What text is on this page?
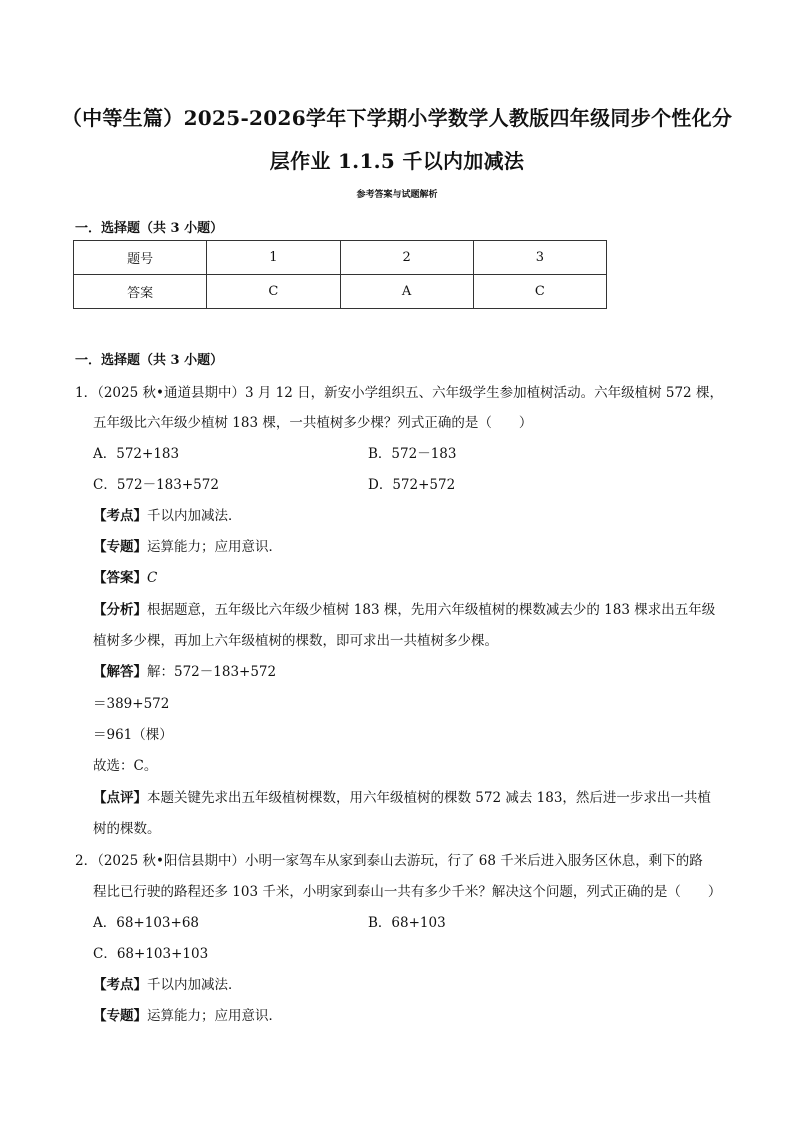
（中等生篇）2025-2026学年下学期小学数学人教版四年级同步个性化分
层作业 1.1.5 千以内加减法
参考答案与试题解析
一．选择题（共 3 小题）
题号	1	2	3
答案	C	A	C
一．选择题（共 3 小题）
1．（2025 秋•通道县期中）3 月 12 日，新安小学组织五、六年级学生参加植树活动。六年级植树 572 棵，
五年级比六年级少植树 183 棵，一共植树多少棵？列式正确的是（　　）
A．572+183	B．572－183
C．572－183+572	D．572+572
【考点】千以内加减法．
【专题】运算能力；应用意识．
【答案】C
【分析】根据题意，五年级比六年级少植树 183 棵，先用六年级植树的棵数减去少的 183 棵求出五年级
植树多少棵，再加上六年级植树的棵数，即可求出一共植树多少棵。
【解答】解：572－183+572
＝389+572
＝961（棵）
故选：C。
【点评】本题关键先求出五年级植树棵数，用六年级植树的棵数 572 减去 183，然后进一步求出一共植
树的棵数。
2．（2025 秋•阳信县期中）小明一家驾车从家到泰山去游玩，行了 68 千米后进入服务区休息，剩下的路
程比已行驶的路程还多 103 千米，小明家到泰山一共有多少千米？解决这个问题，列式正确的是（　　）
A．68+103+68	B．68+103
C．68+103+103
【考点】千以内加减法．
【专题】运算能力；应用意识．
